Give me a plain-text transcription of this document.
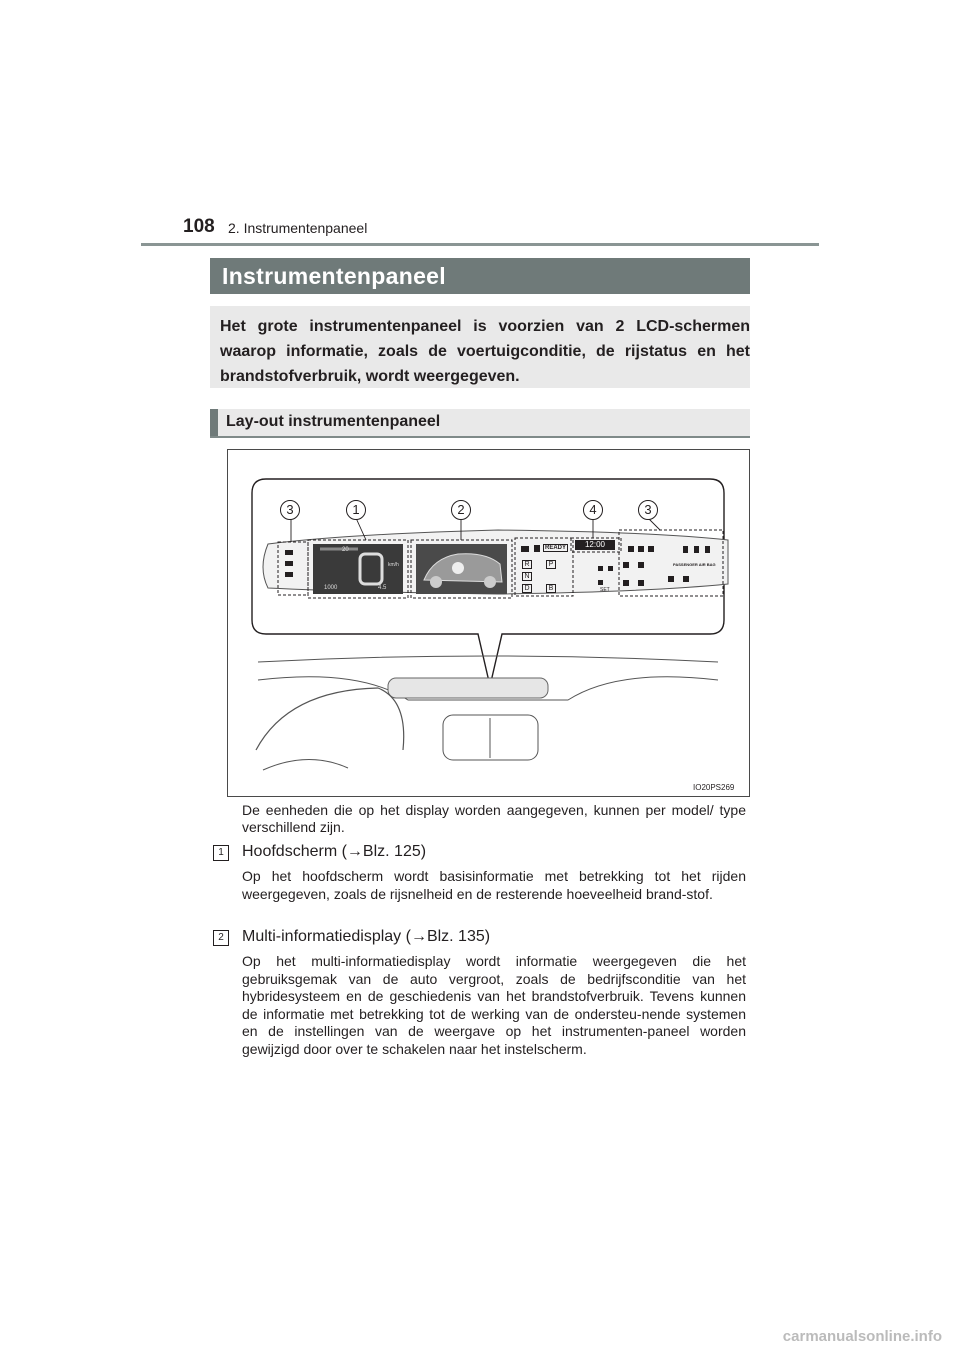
108 2. Instrumentenpaneel
Instrumentenpaneel
Het grote instrumentenpaneel is voorzien van 2 LCD-schermen waarop informatie, zoals de voertuigconditie, de rijstatus en het brandstofverbruik, wordt weergegeven.
Lay-out instrumentenpaneel
3	1	2	4	3
20
km/h
1000	4.5
READY	12:00
PASSENGER AIR BAG
R
N
D
P
B	SET
IO20PS269
De eenheden die op het display worden aangegeven, kunnen per model/ type verschillend zijn.
1	Hoofdscherm (→Blz. 125)
Op het hoofdscherm wordt basisinformatie met betrekking tot het rijden weergegeven, zoals de rijsnelheid en de resterende hoeveelheid brand-stof.
2	Multi-informatiedisplay (→Blz. 135)
Op het multi-informatiedisplay wordt informatie weergegeven die het gebruiksgemak van de auto vergroot, zoals de bedrijfsconditie van het hybridesysteem en de geschiedenis van het brandstofverbruik. Tevens kunnen de informatie met betrekking tot de werking van de ondersteu-nende systemen en de instellingen van de weergave op het instrumenten-paneel worden gewijzigd door over te schakelen naar het instelscherm.
carmanualsonline.info
